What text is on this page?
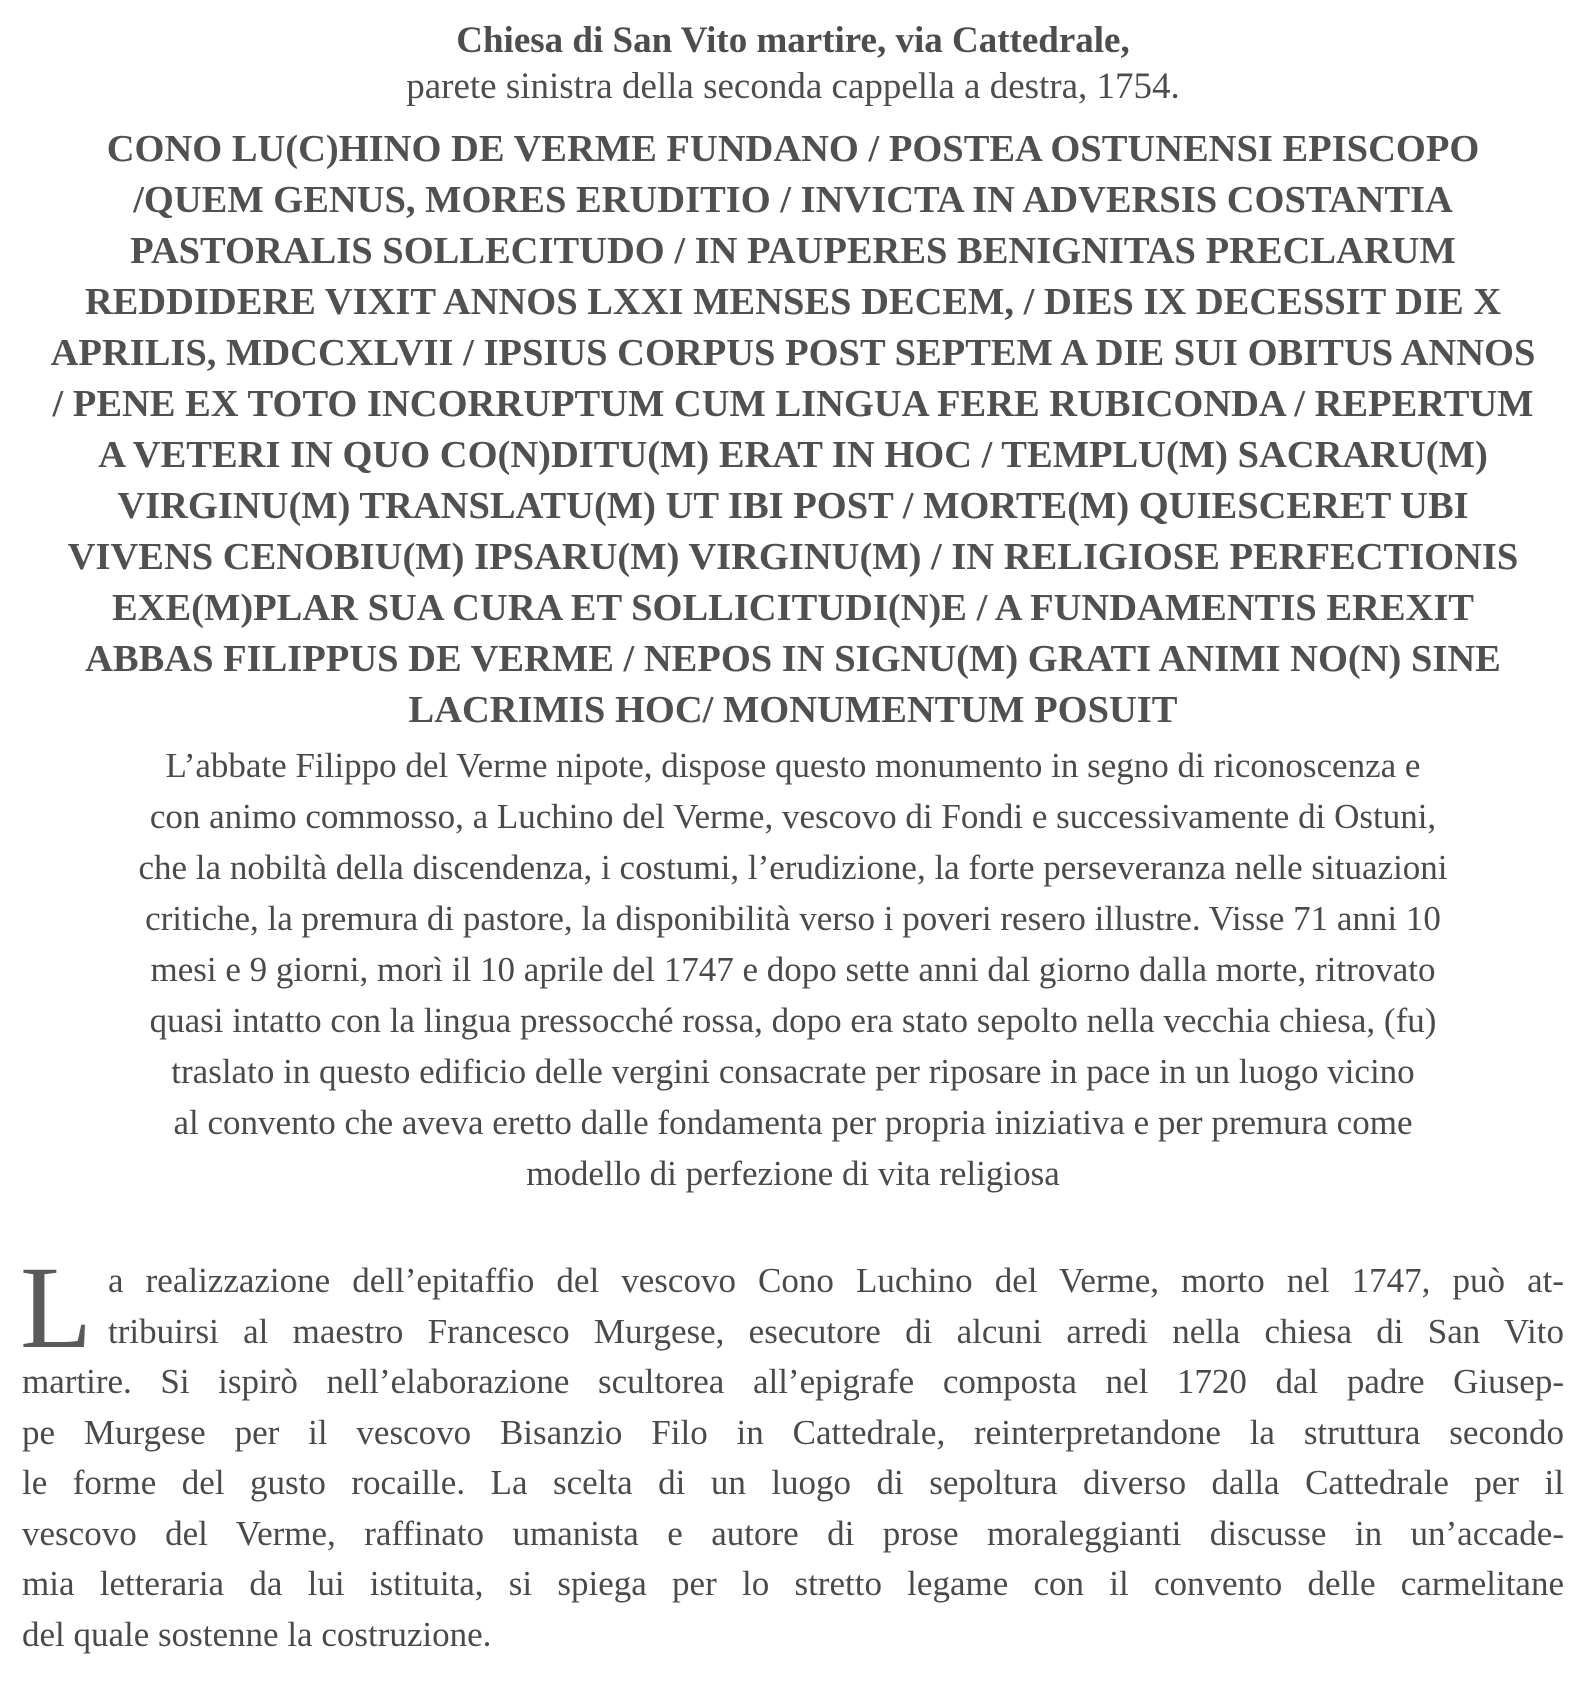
Chiesa di San Vito martire, via Cattedrale,
parete sinistra della seconda cappella a destra, 1754.
CONO LU(C)HINO DE VERME FUNDANO / POSTEA OSTUNENSI EPISCOPO
/QUEM GENUS, MORES ERUDITIO / INVICTA IN ADVERSIS COSTANTIA
PASTORALIS SOLLECITUDO / IN PAUPERES BENIGNITAS PRECLARUM
REDDIDERE VIXIT ANNOS LXXI MENSES DECEM, / DIES IX DECESSIT DIE X
APRILIS, MDCCXLVII / IPSIUS CORPUS POST SEPTEM A DIE SUI OBITUS ANNOS
/ PENE EX TOTO INCORRUPTUM CUM LINGUA FERE RUBICONDA / REPERTUM
A VETERI IN QUO CO(N)DITU(M) ERAT IN HOC / TEMPLU(M) SACRARU(M)
VIRGINU(M) TRANSLATU(M) UT IBI POST / MORTE(M) QUIESCERET UBI
VIVENS CENOBIU(M) IPSARU(M) VIRGINU(M) / IN RELIGIOSE PERFECTIONIS
EXE(M)PLAR SUA CURA ET SOLLICITUDI(N)E / A FUNDAMENTIS EREXIT
ABBAS FILIPPUS DE VERME / NEPOS IN SIGNU(M) GRATI ANIMI NO(N) SINE
LACRIMIS HOC/ MONUMENTUM POSUIT
L’abbate Filippo del Verme nipote, dispose questo monumento in segno di riconoscenza e
con animo commosso, a Luchino del Verme, vescovo di Fondi e successivamente di Ostuni,
che la nobiltà della discendenza, i costumi, l’erudizione, la forte perseveranza nelle situazioni
critiche, la premura di pastore, la disponibilità verso i poveri resero illustre. Visse 71 anni 10
mesi e 9 giorni, morì il 10 aprile del 1747 e dopo sette anni dal giorno dalla morte, ritrovato
quasi intatto con la lingua pressocché rossa, dopo era stato sepolto nella vecchia chiesa, (fu)
traslato in questo edificio delle vergini consacrate per riposare in pace in un luogo vicino
al convento che aveva eretto dalle fondamenta per propria iniziativa e per premura come
modello di perfezione di vita religiosa
L a realizzazione dell’epitaffio del vescovo Cono Luchino del Verme, morto nel 1747, può at-
tribuirsi al maestro Francesco Murgese, esecutore di alcuni arredi nella chiesa di San Vito
martire. Si ispirò nell’elaborazione scultorea all’epigrafe composta nel 1720 dal padre Giusep-
pe Murgese per il vescovo Bisanzio Filo in Cattedrale, reinterpretandone la struttura secondo
le forme del gusto rocaille. La scelta di un luogo di sepoltura diverso dalla Cattedrale per il
vescovo del Verme, raffinato umanista e autore di prose moraleggianti discusse in un’accade-
mia letteraria da lui istituita, si spiega per lo stretto legame con il convento delle carmelitane
del quale sostenne la costruzione.
